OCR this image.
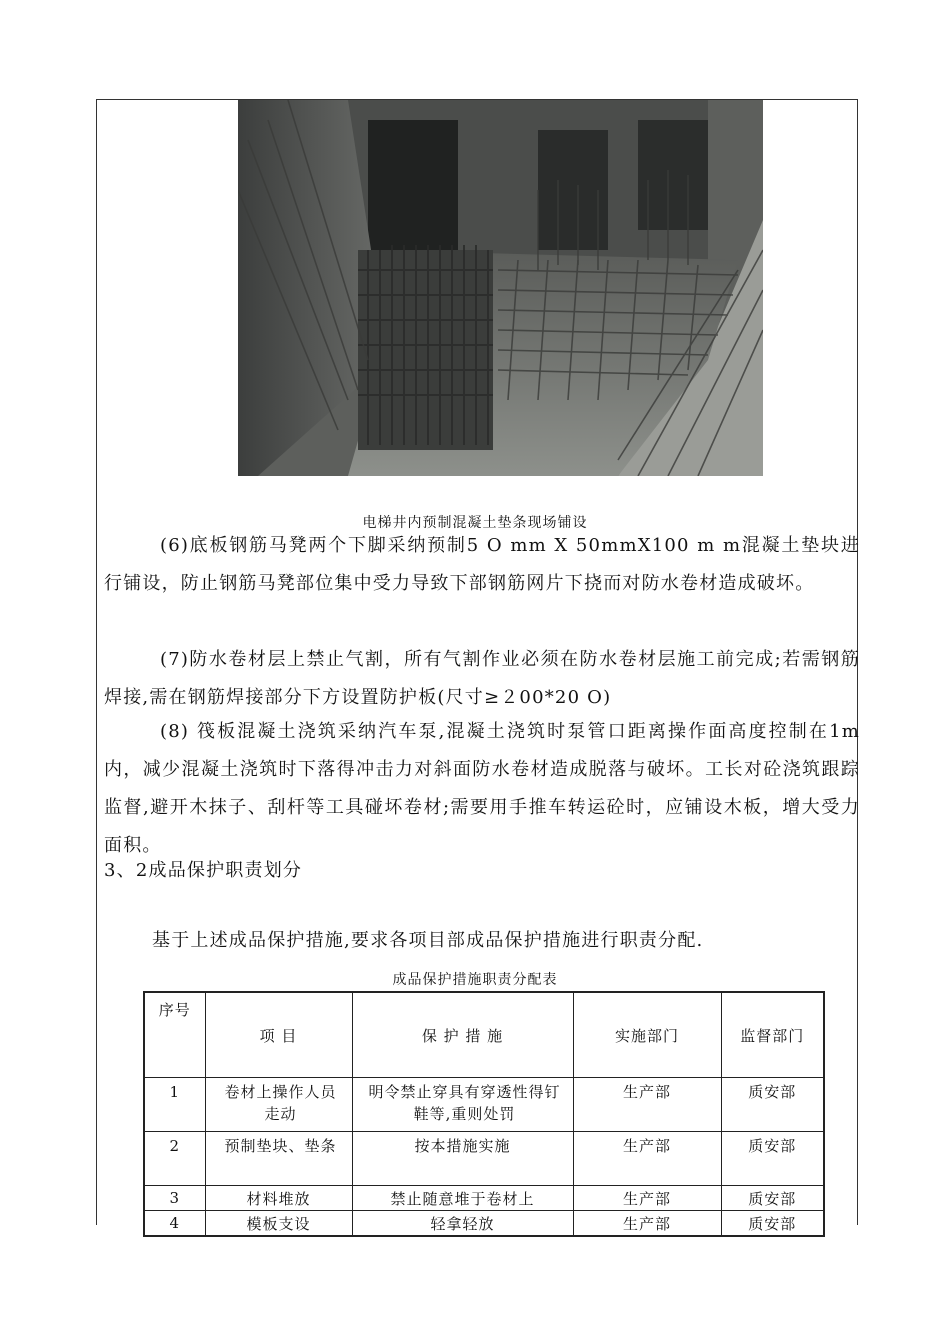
电梯井内预制混凝土垫条现场铺设

(6)底板钢筋马凳两个下脚采纳预制5 O mm X 50mmX100 m m混凝土垫块进行铺设，防止钢筋马凳部位集中受力导致下部钢筋网片下挠而对防水卷材造成破坏。

(7)防水卷材层上禁止气割，所有气割作业必须在防水卷材层施工前完成;若需钢筋焊接,需在钢筋焊接部分下方设置防护板(尺寸≥２00*20 O)

(8) 筏板混凝土浇筑采纳汽车泵,混凝土浇筑时泵管口距离操作面高度控制在1m内，减少混凝土浇筑时下落得冲击力对斜面防水卷材造成脱落与破坏。工长对砼浇筑跟踪监督,避开木抹子、刮杆等工具碰坏卷材;需要用手推车转运砼时，应铺设木板，增大受力面积。

3、2成品保护职责划分
基于上述成品保护措施,要求各项目部成品保护措施进行职责分配.
成品保护措施职责分配表
序号	项 目	保 护 措 施	实施部门	监督部门
1	卷材上操作人员走动	明令禁止穿具有穿透性得钉鞋等,重则处罚	生产部	质安部
2	预制垫块、垫条	按本措施实施	生产部	质安部
3	材料堆放	禁止随意堆于卷材上	生产部	质安部
4	模板支设	轻拿轻放	生产部	质安部
